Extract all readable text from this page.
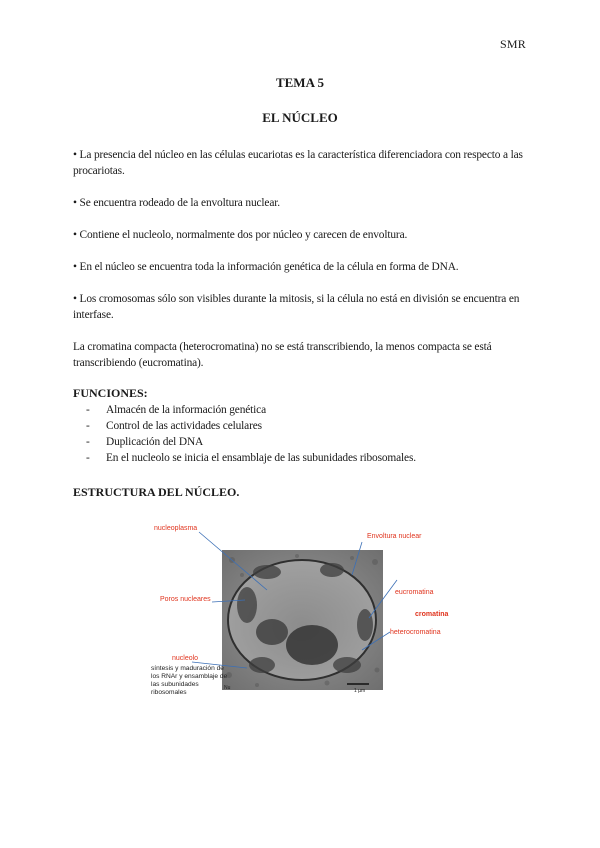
SMR
TEMA 5
EL NÚCLEO
• La presencia del núcleo en las células eucariotas es la característica diferenciadora con respecto a las procariotas.
• Se encuentra rodeado de la envoltura nuclear.
• Contiene el nucleolo, normalmente dos por núcleo y carecen de envoltura.
• En el núcleo se encuentra toda la información genética de la célula en forma de DNA.
• Los cromosomas sólo son visibles durante la mitosis, si la célula no está en división se encuentra en interfase.
La cromatina compacta (heterocromatina) no se está transcribiendo, la menos compacta se está transcribiendo (eucromatina).
FUNCIONES:
- Almacén de la información genética
- Control de las actividades celulares
- Duplicación del DNA
- En el nucleolo se inicia el ensamblaje de las subunidades ribosomales.
ESTRUCTURA DEL NÚCLEO.
nucleoplasma
Envoltura nuclear
Poros nucleares
eucromatina
cromatina
heterocromatina
nucleolo
síntesis y maduración de los RNAr y ensamblaje de las subunidades ribosomales	1 µm
Nu
